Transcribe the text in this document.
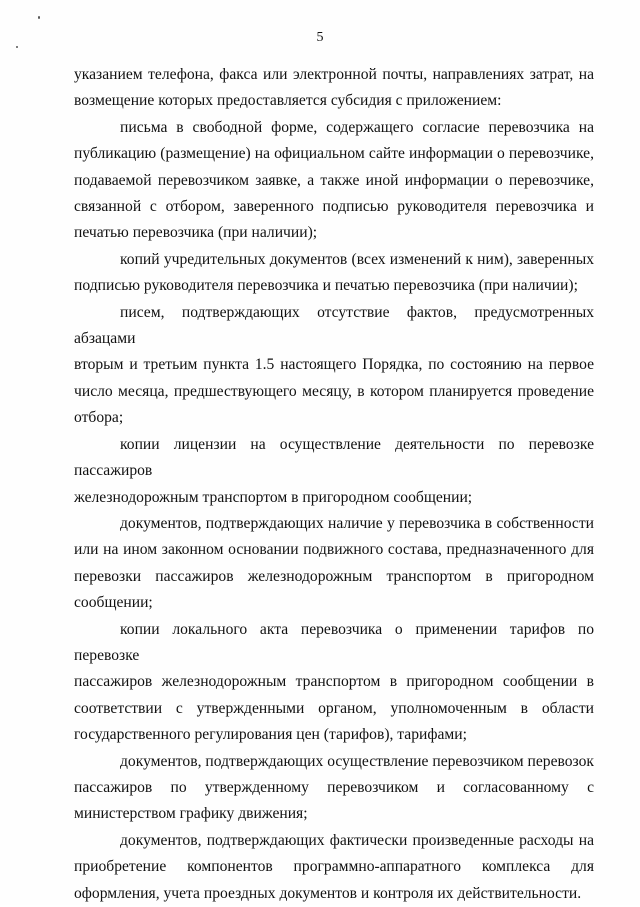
5

указанием телефона, факса или электронной почты, направлениях затрат, на
возмещение которых предоставляется субсидия с приложением:

письма в свободной форме, содержащего согласие перевозчика на
публикацию (размещение) на официальном сайте информации о перевозчике,
подаваемой перевозчиком заявке, а также иной информации о перевозчике,
связанной с отбором, заверенного подписью руководителя перевозчика и
печатью перевозчика (при наличии);

копий учредительных документов (всех изменений к ним), заверенных
подписью руководителя перевозчика и печатью перевозчика (при наличии);

писем, подтверждающих отсутствие фактов, предусмотренных абзацами
вторым и третьим пункта 1.5 настоящего Порядка, по состоянию на первое
число месяца, предшествующего месяцу, в котором планируется проведение
отбора;

копии лицензии на осуществление деятельности по перевозке пассажиров
железнодорожным транспортом в пригородном сообщении;

документов, подтверждающих наличие у перевозчика в собственности
или на ином законном основании подвижного состава, предназначенного для
перевозки пассажиров железнодорожным транспортом в пригородном
сообщении;

копии локального акта перевозчика о применении тарифов по перевозке
пассажиров железнодорожным транспортом в пригородном сообщении в
соответствии с утвержденными органом, уполномоченным в области
государственного регулирования цен (тарифов), тарифами;

документов, подтверждающих осуществление перевозчиком перевозок
пассажиров по утвержденному перевозчиком и согласованному с
министерством графику движения;

документов, подтверждающих фактически произведенные расходы на
приобретение компонентов программно-аппаратного комплекса для
оформления, учета проездных документов и контроля их действительности.
